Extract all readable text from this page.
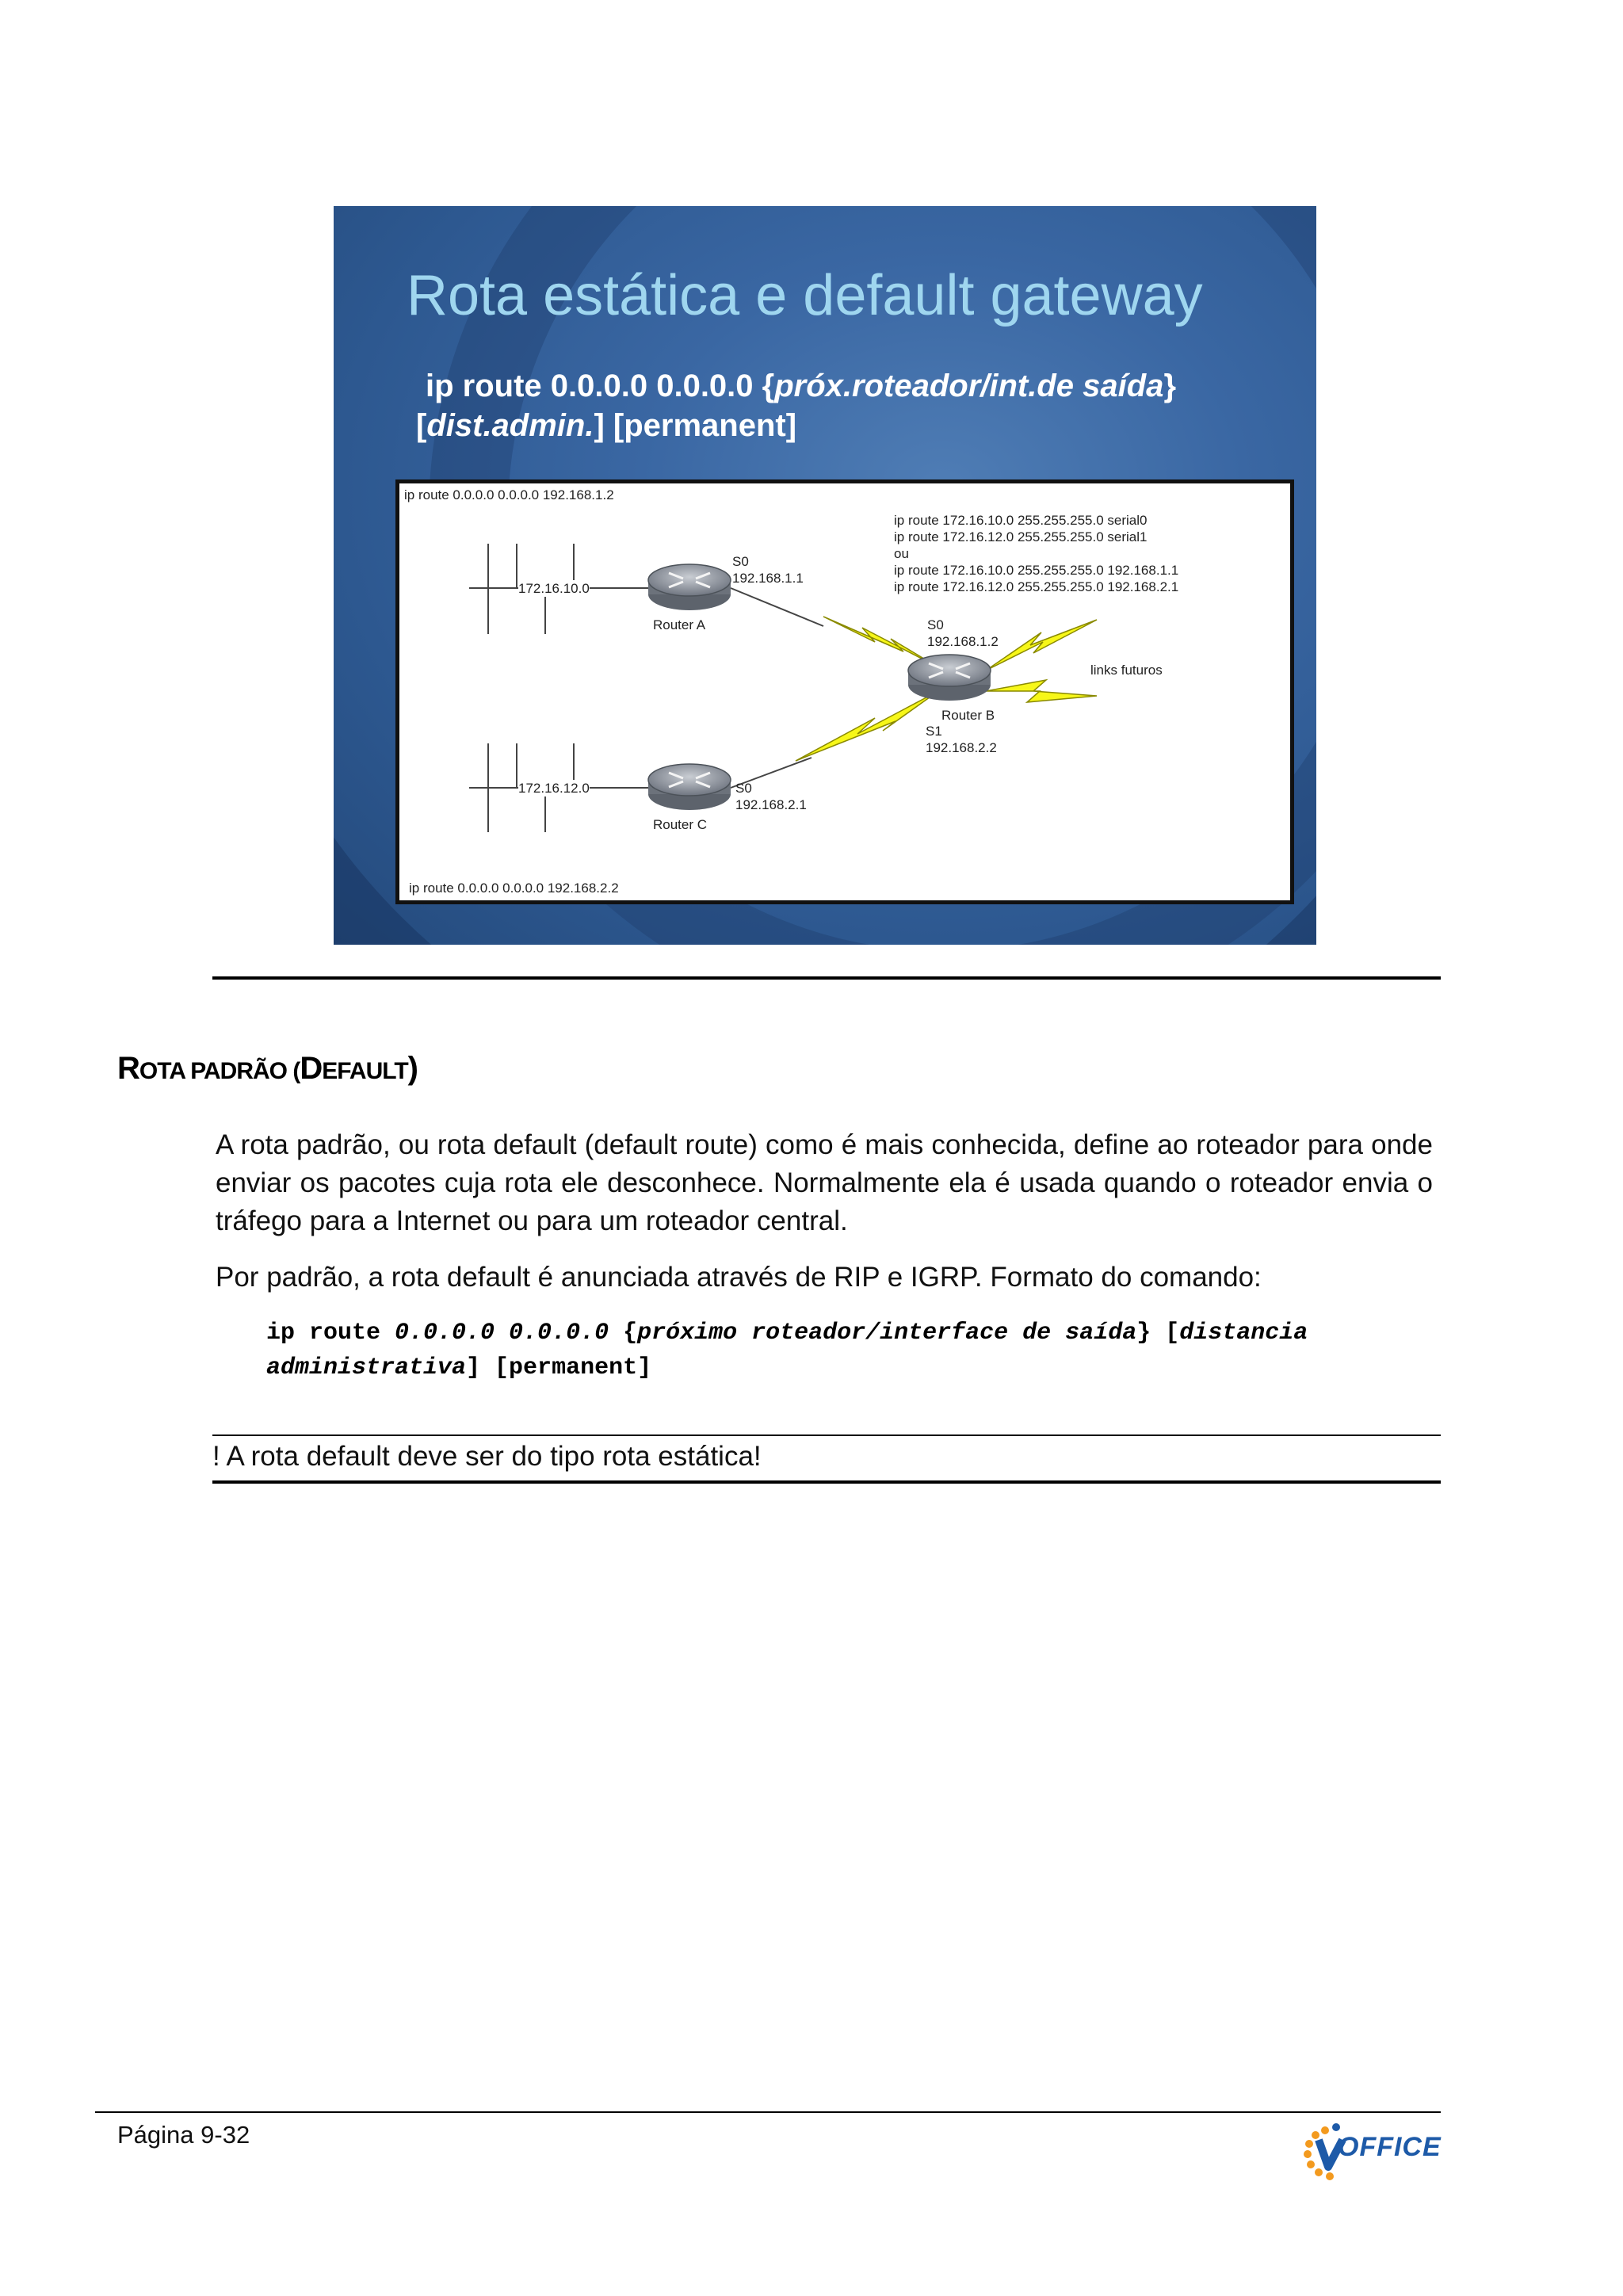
Rota estática e default gateway
ip route 0.0.0.0 0.0.0.0 {próx.roteador/int.de saída}
[dist.admin.] [permanent]
ip route 0.0.0.0 0.0.0.0 192.168.1.2
ip route 0.0.0.0 0.0.0.0 192.168.2.2
ip route 172.16.10.0 255.255.255.0 serial0
ip route 172.16.12.0 255.255.255.0 serial1
ou
ip route 172.16.10.0 255.255.255.0 192.168.1.1
ip route 172.16.12.0 255.255.255.0 192.168.2.1
172.16.10.0
172.16.12.0
Router A
Router B
Router C
S0
192.168.1.1
S0
192.168.1.2
S1
192.168.2.2
S0
192.168.2.1
links futuros
ROTA PADRÃO (DEFAULT)
A rota padrão, ou rota default (default route) como é mais conhecida, define ao roteador para onde enviar os pacotes cuja rota ele desconhece. Normalmente ela é usada quando o roteador envia o tráfego para a Internet ou para um roteador central.
Por padrão, a rota default é anunciada através de RIP e IGRP. Formato do comando:
ip route 0.0.0.0 0.0.0.0 {próximo roteador/interface de saída} [distancia administrativa] [permanent]
! A rota default deve ser do tipo rota estática!
Página 9-32	OFFICE
